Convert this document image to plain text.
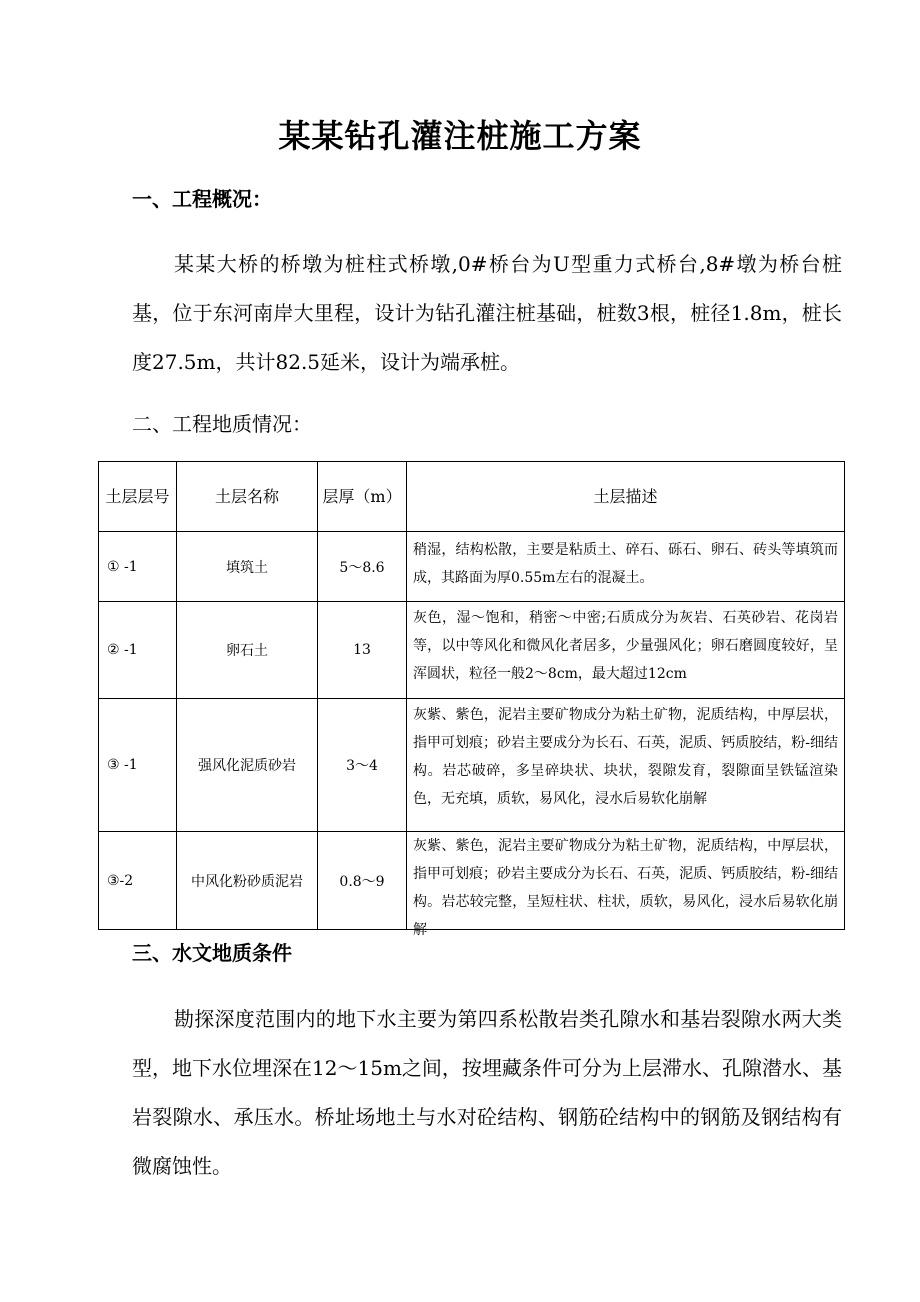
某某钻孔灌注桩施工方案
一、工程概况：
某某大桥的桥墩为桩柱式桥墩,0#桥台为U型重力式桥台,8#墩为桥台桩基，位于东河南岸大里程，设计为钻孔灌注桩基础，桩数3根，桩径1.8m，桩长度27.5m，共计82.5延米，设计为端承桩。
二、工程地质情况：
土层层号	土层名称	层厚（m）	土层描述
① -1	填筑土	5～8.6	稍湿，结构松散，主要是粘质土、碎石、砾石、卵石、砖头等填筑而成，其路面为厚0.55m左右的混凝土。

② -1	卵石土	13	灰色，湿～饱和，稍密～中密;石质成分为灰岩、石英砂岩、花岗岩等，以中等风化和微风化者居多，少量强风化；卵石磨圆度较好，呈浑圆状，粒径一般2～8cm，最大超过12cm

③ -1	强风化泥质砂岩	3～4	灰紫、紫色，泥岩主要矿物成分为粘土矿物，泥质结构，中厚层状，指甲可划痕；砂岩主要成分为长石、石英，泥质、钙质胶结，粉-细结构。岩芯破碎，多呈碎块状、块状，裂隙发育，裂隙面呈铁锰渲染色，无充填，质软，易风化，浸水后易软化崩解

③-2	中风化粉砂质泥岩	0.8～9	灰紫、紫色，泥岩主要矿物成分为粘土矿物，泥质结构，中厚层状，指甲可划痕；砂岩主要成分为长石、石英，泥质、钙质胶结，粉-细结构。岩芯较完整，呈短柱状、柱状，质软，易风化，浸水后易软化崩解
三、水文地质条件
勘探深度范围内的地下水主要为第四系松散岩类孔隙水和基岩裂隙水两大类型，地下水位埋深在12～15m之间，按埋藏条件可分为上层滞水、孔隙潜水、基岩裂隙水、承压水。桥址场地土与水对砼结构、钢筋砼结构中的钢筋及钢结构有微腐蚀性。
